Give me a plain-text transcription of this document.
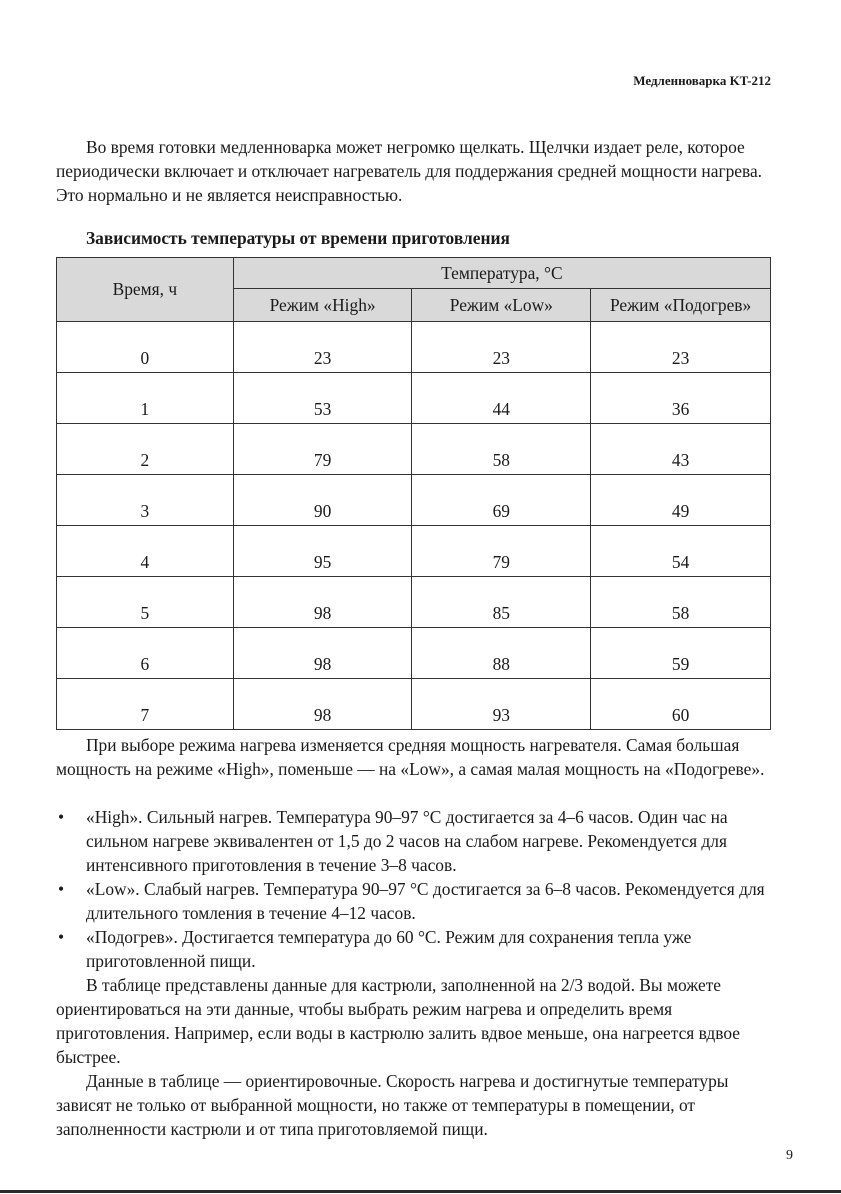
Медленноварка KT-212

Во время готовки медленноварка может негромко щелкать. Щелчки издает реле, которое периодически включает и отключает нагреватель для поддержания средней мощности нагрева. Это нормально и не является неисправностью.

Зависимость температуры от времени приготовления
Время, ч	Температура, °C		
	Режим «High»	Режим «Low»	Режим «Подогрев»
0	23	23	23
1	53	44	36
2	79	58	43
3	90	69	49
4	95	79	54
5	98	85	58
6	98	88	59
7	98	93	60

При выборе режима нагрева изменяется средняя мощность нагревателя. Самая большая мощность на режиме «High», поменьше — на «Low», а самая малая мощность на «Подогреве».

• «High». Сильный нагрев. Температура 90–97 °C достигается за 4–6 часов. Один час на сильном нагреве эквивалентен от 1,5 до 2 часов на слабом нагреве. Рекомендуется для интенсивного приготовления в течение 3–8 часов.
• «Low». Слабый нагрев. Температура 90–97 °C достигается за 6–8 часов. Рекомендуется для длительного томления в течение 4–12 часов.
• «Подогрев». Достигается температура до 60 °C. Режим для сохранения тепла уже приготовленной пищи.

В таблице представлены данные для кастрюли, заполненной на 2/3 водой. Вы можете ориентироваться на эти данные, чтобы выбрать режим нагрева и определить время приготовления. Например, если воды в кастрюлю залить вдвое меньше, она нагреется вдвое быстрее.

Данные в таблице — ориентировочные. Скорость нагрева и достигнутые температуры зависят не только от выбранной мощности, но также от температуры в помещении, от заполненности кастрюли и от типа приготовляемой пищи.

9
